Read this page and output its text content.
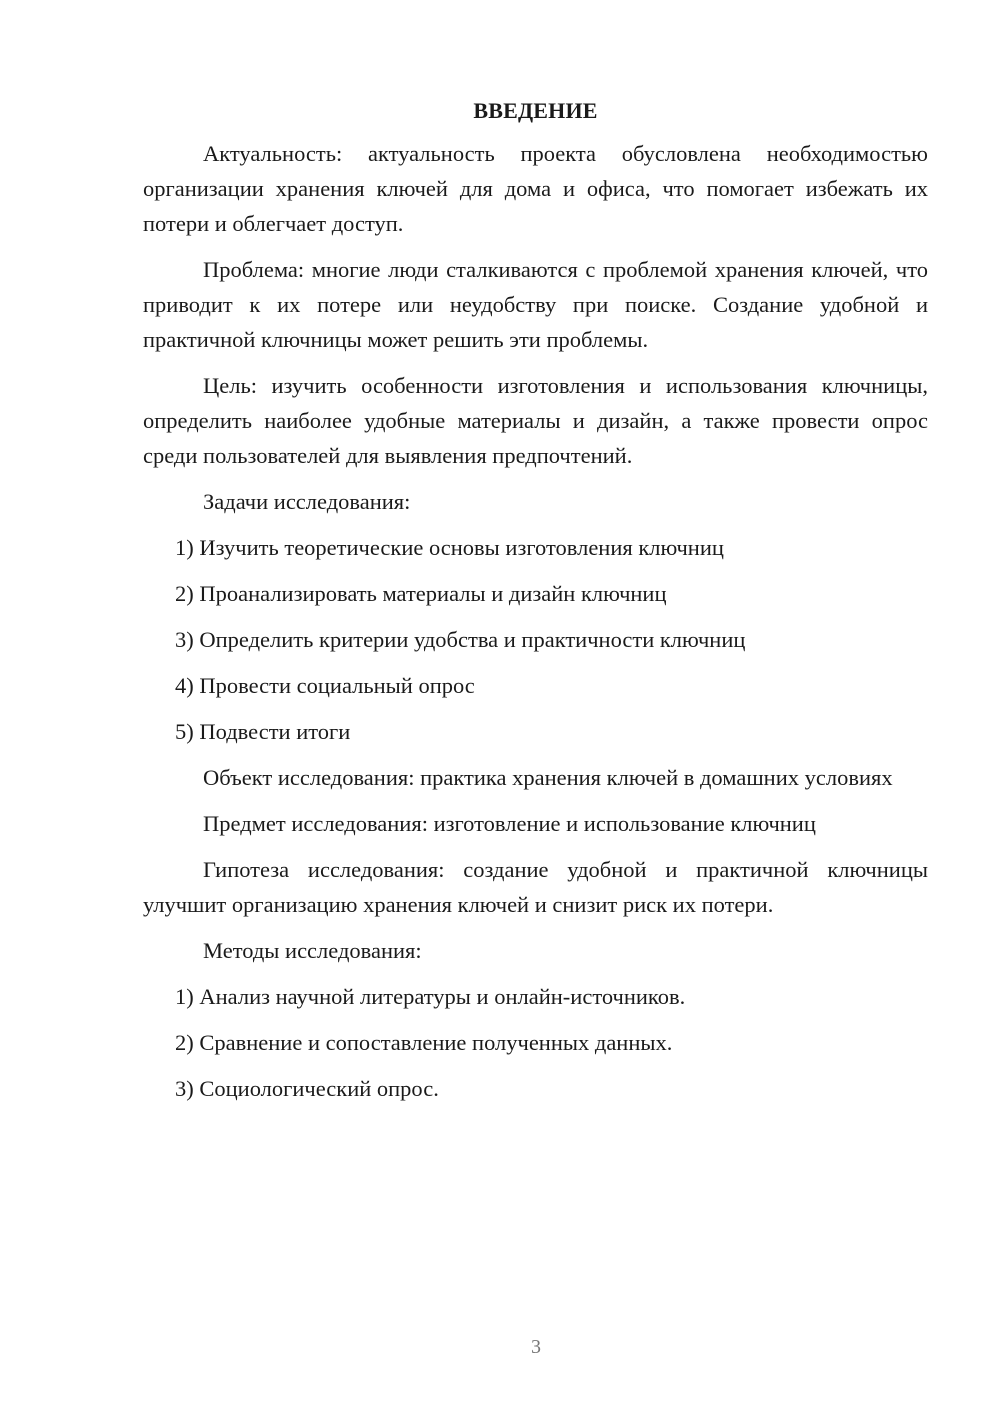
ВВЕДЕНИЕ
Актуальность: актуальность проекта обусловлена необходимостью организации хранения ключей для дома и офиса, что помогает избежать их потери и облегчает доступ.
Проблема: многие люди сталкиваются с проблемой хранения ключей, что приводит к их потере или неудобству при поиске. Создание удобной и практичной ключницы может решить эти проблемы.
Цель: изучить особенности изготовления и использования ключницы, определить наиболее удобные материалы и дизайн, а также провести опрос среди пользователей для выявления предпочтений.
Задачи исследования:
1) Изучить теоретические основы изготовления ключниц
2) Проанализировать материалы и дизайн ключниц
3) Определить критерии удобства и практичности ключниц
4) Провести социальный опрос
5) Подвести итоги
Объект исследования: практика хранения ключей в домашних условиях
Предмет исследования: изготовление и использование ключниц
Гипотеза исследования: создание удобной и практичной ключницы улучшит организацию хранения ключей и снизит риск их потери.
Методы исследования:
1) Анализ научной литературы и онлайн-источников.
2) Сравнение и сопоставление полученных данных.
3) Социологический опрос.
3
